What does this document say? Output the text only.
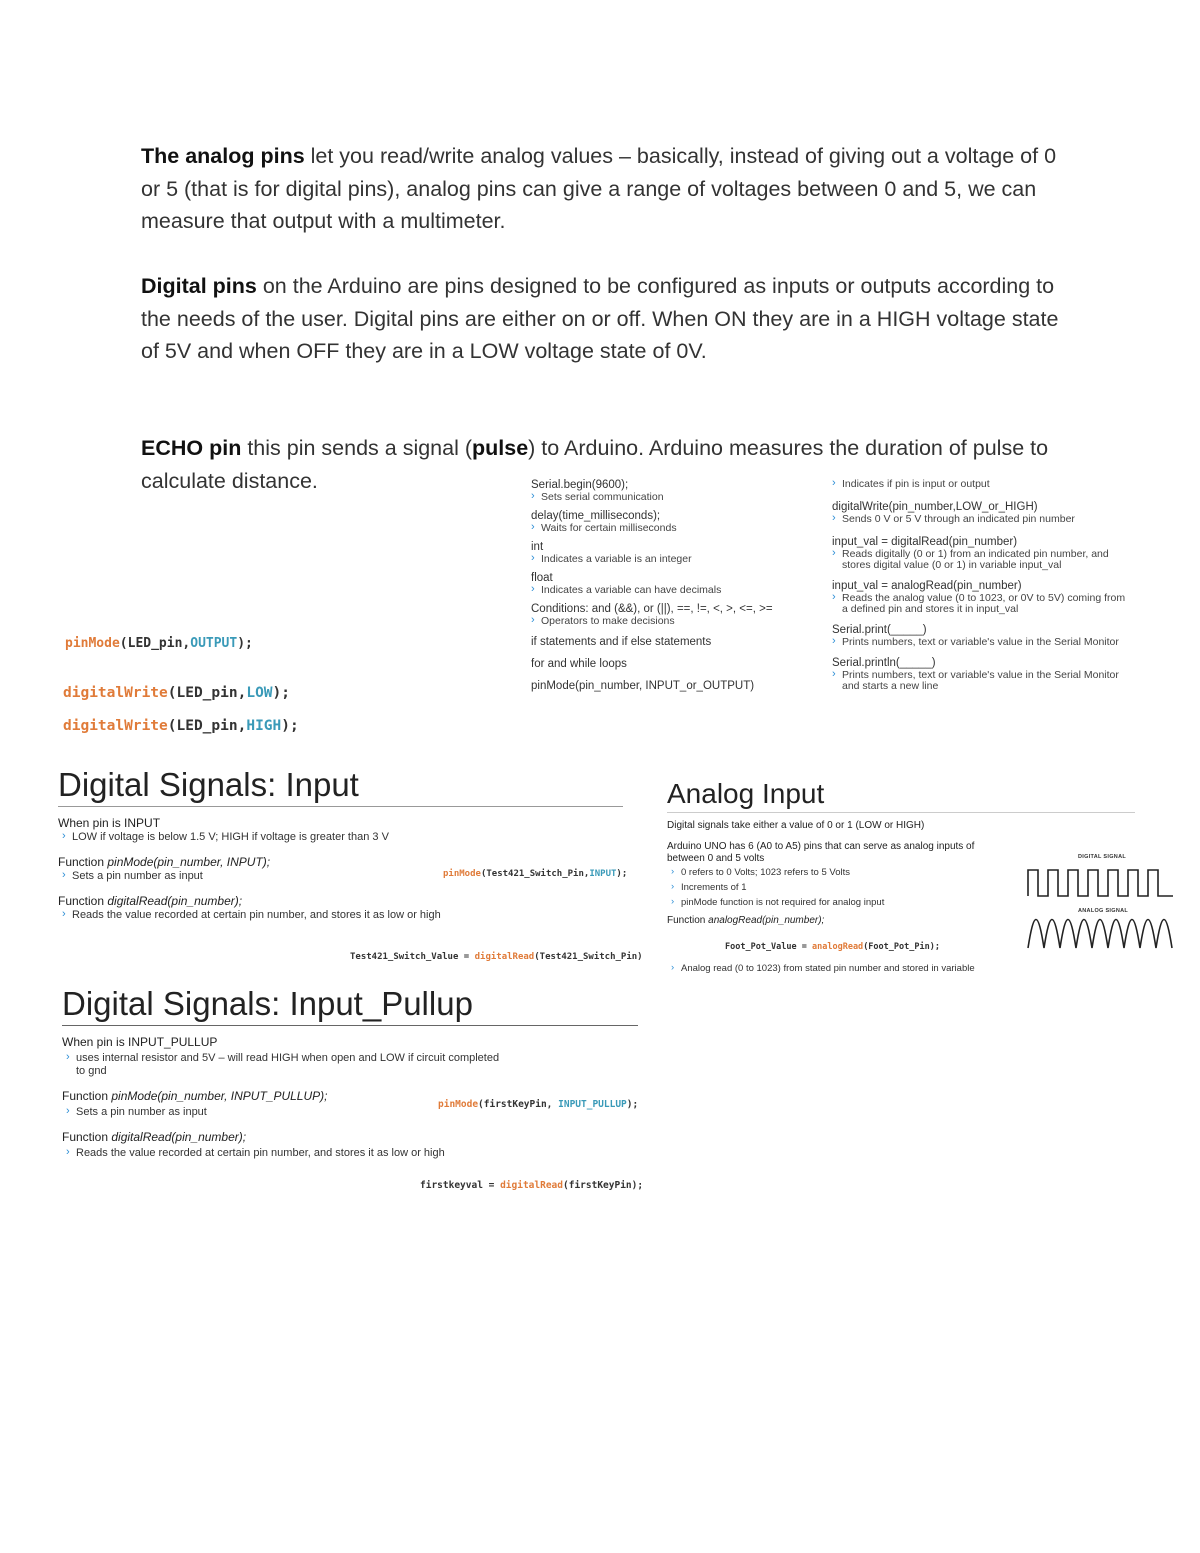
The analog pins let you read/write analog values – basically, instead of giving out a voltage of 0 or 5 (that is for digital pins), analog pins can give a range of voltages between 0 and 5, we can measure that output with a multimeter.
Digital pins on the Arduino are pins designed to be configured as inputs or outputs according to the needs of the user. Digital pins are either on or off. When ON they are in a HIGH voltage state of 5V and when OFF they are in a LOW voltage state of 0V.
ECHO pin this pin sends a signal (pulse) to Arduino. Arduino measures the duration of pulse to calculate distance.	Serial.begin(9600);
› Sets serial communication
delay(time_milliseconds);
› Waits for certain milliseconds
int
› Indicates a variable is an integer
float
› Indicates a variable can have decimals
Conditions: and (&&), or (||), ==, !=, <, >, <=, >=
› Operators to make decisions
if statements and if else statements
for and while loops
pinMode(pin_number, INPUT_or_OUTPUT)
› Indicates if pin is input or output
digitalWrite(pin_number,LOW_or_HIGH)
› Sends 0 V or 5 V through an indicated pin number
input_val = digitalRead(pin_number)
› Reads digitally (0 or 1) from an indicated pin number, and stores digital value (0 or 1) in variable input_val
input_val = analogRead(pin_number)
› Reads the analog value (0 to 1023, or 0V to 5V) coming from a defined pin and stores it in input_val
Serial.print(_____)
› Prints numbers, text or variable's value in the Serial Monitor
Serial.println(_____)
› Prints numbers, text or variable's value in the Serial Monitor and starts a new line
pinMode(LED_pin,OUTPUT);
digitalWrite(LED_pin,LOW);
digitalWrite(LED_pin,HIGH);
Digital Signals: Input
When pin is INPUT
› LOW if voltage is below 1.5 V; HIGH if voltage is greater than 3 V
Function pinMode(pin_number, INPUT);
› Sets a pin number as input
Function digitalRead(pin_number);
› Reads the value recorded at certain pin number, and stores it as low or high
pinMode(Test421_Switch_Pin,INPUT);
Test421_Switch_Value = digitalRead(Test421_Switch_Pin)
Analog Input
Digital signals take either a value of 0 or 1 (LOW or HIGH)
Arduino UNO has 6 (A0 to A5) pins that can serve as analog inputs of between 0 and 5 volts
› 0 refers to 0 Volts; 1023 refers to 5 Volts
› Increments of 1
› pinMode function is not required for analog input
Function analogRead(pin_number);
Foot_Pot_Value = analogRead(Foot_Pot_Pin);
› Analog read (0 to 1023) from stated pin number and stored in variable
DIGITAL SIGNAL
ANALOG SIGNAL
Digital Signals: Input_Pullup
When pin is INPUT_PULLUP
› uses internal resistor and 5V – will read HIGH when open and LOW if circuit completed to gnd
Function pinMode(pin_number, INPUT_PULLUP);
› Sets a pin number as input
Function digitalRead(pin_number);
› Reads the value recorded at certain pin number, and stores it as low or high
pinMode(firstKeyPin, INPUT_PULLUP);
firstkeyval = digitalRead(firstKeyPin);
